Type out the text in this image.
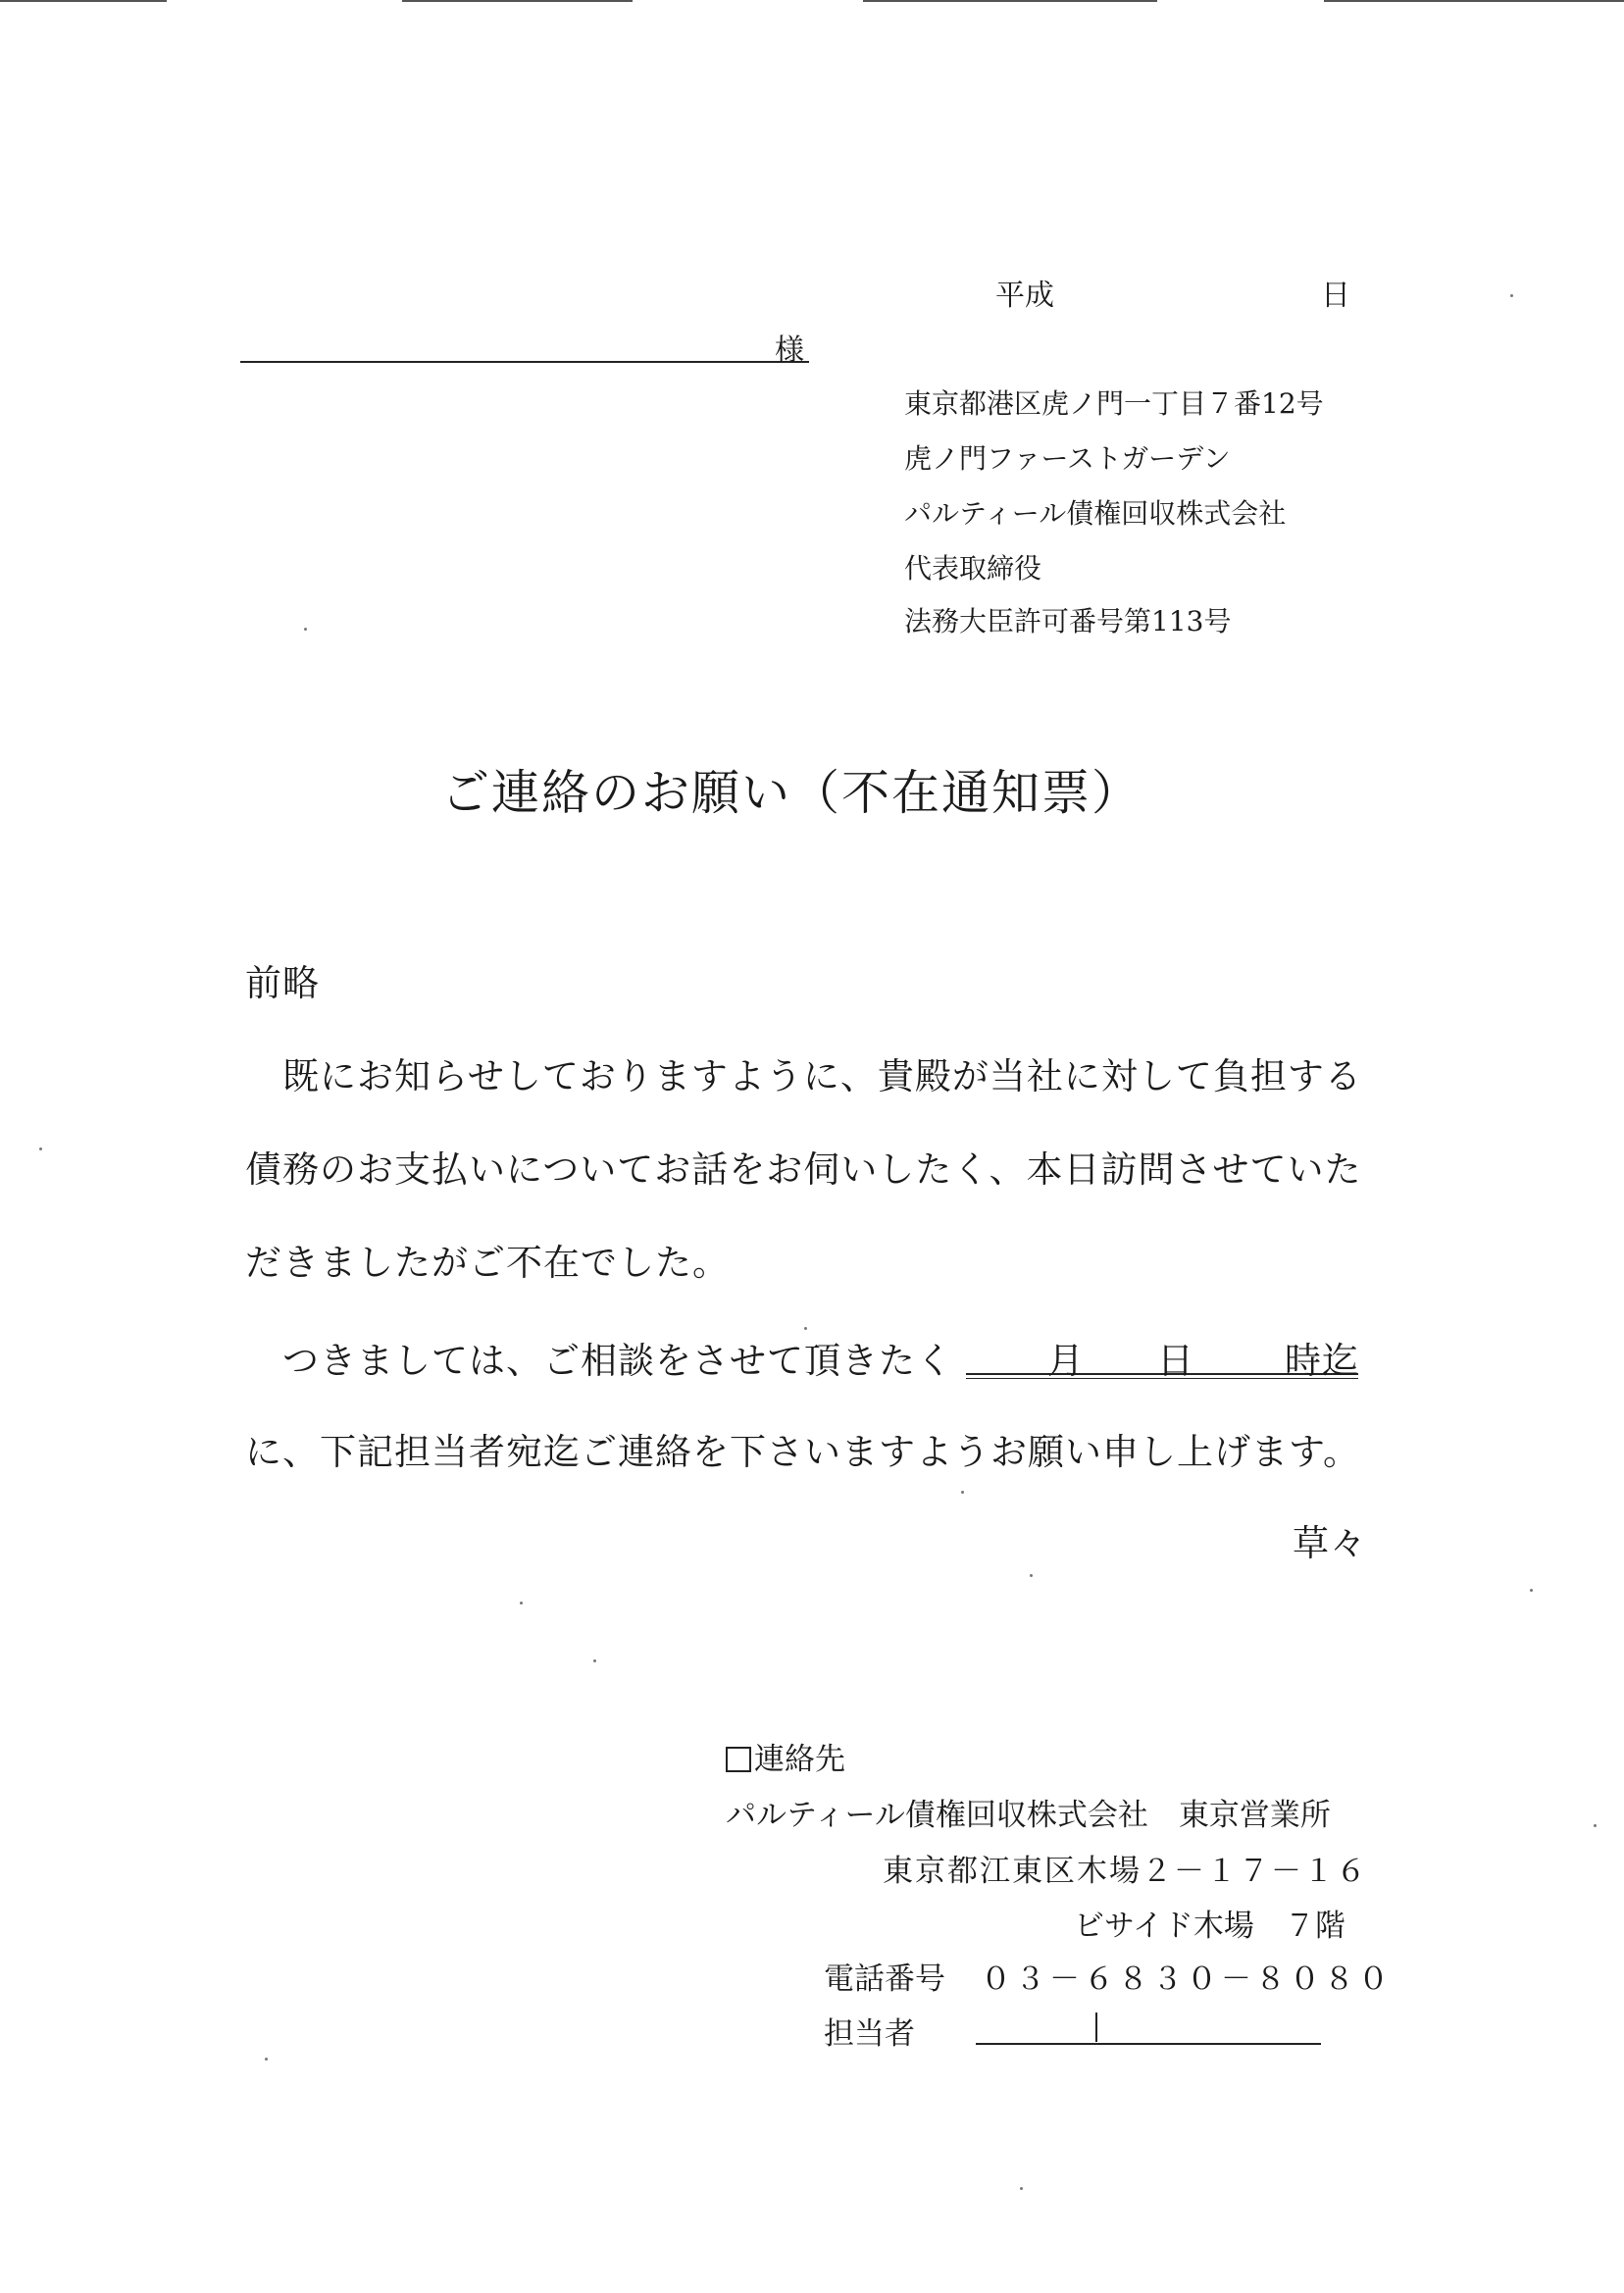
平成	日
様
東京都港区虎ノ門一丁目７番12号
虎ノ門ファーストガーデン
パルティール債権回収株式会社
代表取締役
法務大臣許可番号第113号
ご連絡のお願い（不在通知票）
前略
既にお知らせしておりますように、貴殿が当社に対して負担する
債務のお支払いについてお話をお伺いしたく、本日訪問させていた
だきましたがご不在でした。
つきましては、ご相談をさせて頂きたく	月 日 時迄
に、下記担当者宛迄ご連絡を下さいますようお願い申し上げます。
草々
連絡先
パルティール債権回収株式会社　東京営業所
東京都江東区木場２－１７－１６
ビサイド木場　７階
電話番号 ０３－６８３０－８０８０
担当者
